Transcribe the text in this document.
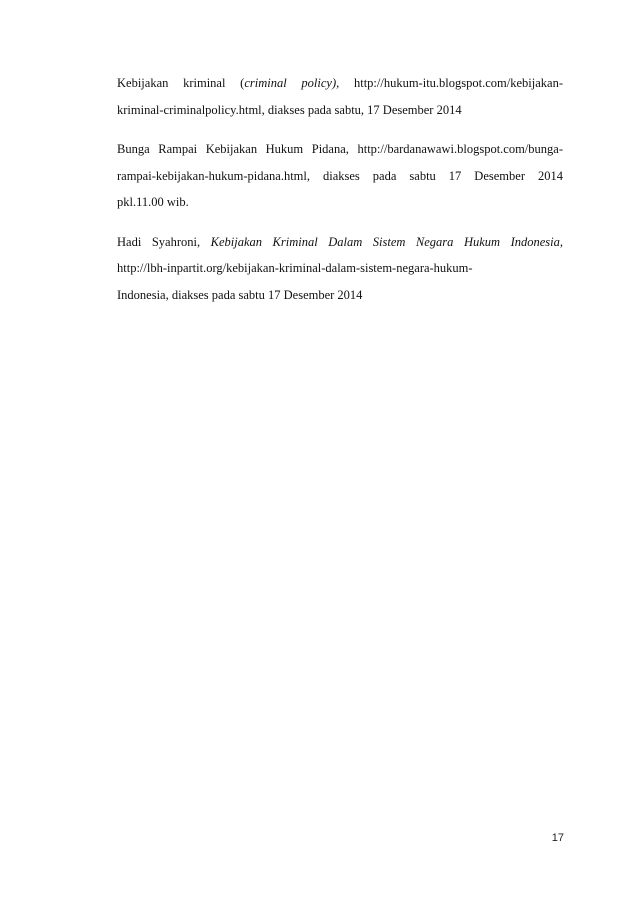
Kebijakan kriminal (criminal policy), http://hukum-itu.blogspot.com/kebijakan-
kriminal-criminalpolicy.html, diakses pada sabtu, 17 Desember 2014
Bunga Rampai Kebijakan Hukum Pidana, http://bardanawawi.blogspot.com/bunga-
rampai-kebijakan-hukum-pidana.html, diakses pada sabtu 17 Desember 2014
pkl.11.00 wib.
Hadi Syahroni, Kebijakan Kriminal Dalam Sistem Negara Hukum Indonesia,
http://lbh-inpartit.org/kebijakan-kriminal-dalam-sistem-negara-hukum-
Indonesia, diakses pada sabtu 17 Desember 2014
17
